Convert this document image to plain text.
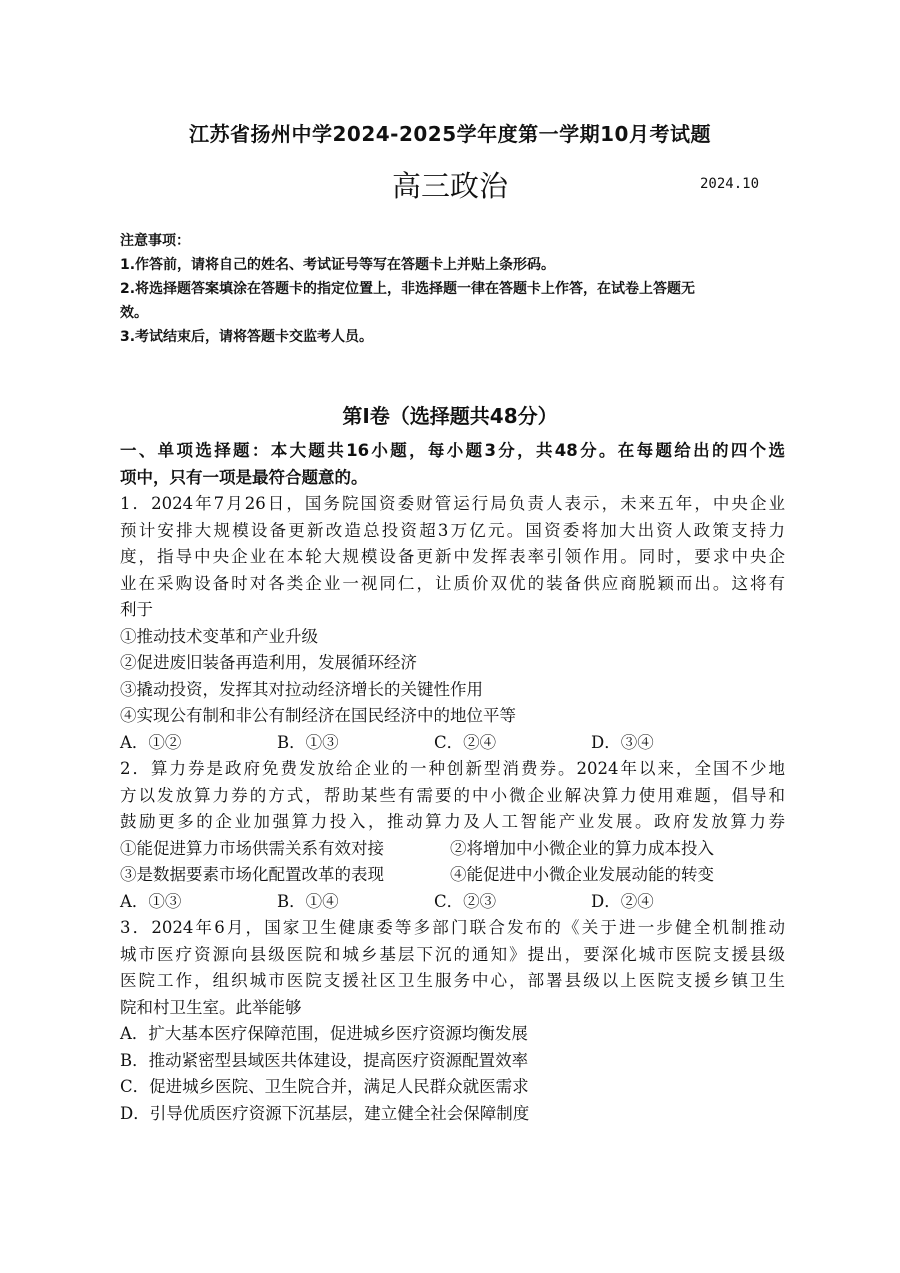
江苏省扬州中学2024-2025学年度第一学期10月考试题
高三政治	2024.10
注意事项：

1.作答前，请将自己的姓名、考试证号等写在答题卡上并贴上条形码。

2.将选择题答案填涂在答题卡的指定位置上，非选择题一律在答题卡上作答，在试卷上答题无

效。

3.考试结束后，请将答题卡交监考人员。

第Ⅰ卷（选择题共48分）

一、单项选择题：本大题共16小题，每小题3分，共48分。在每题给出的四个选

项中，只有一项是最符合题意的。

1．2024年7月26日，国务院国资委财管运行局负责人表示，未来五年，中央企业

预计安排大规模设备更新改造总投资超3万亿元。国资委将加大出资人政策支持力

度，指导中央企业在本轮大规模设备更新中发挥表率引领作用。同时，要求中央企

业在采购设备时对各类企业一视同仁，让质价双优的装备供应商脱颖而出。这将有

利于

①推动技术变革和产业升级

②促进废旧装备再造利用，发展循环经济

③撬动投资，发挥其对拉动经济增长的关键性作用

④实现公有制和非公有制经济在国民经济中的地位平等

A．①②	B．①③	C．②④	D．③④

2．算力券是政府免费发放给企业的一种创新型消费券。2024年以来，全国不少地

方以发放算力券的方式，帮助某些有需要的中小微企业解决算力使用难题，倡导和

鼓励更多的企业加强算力投入，推动算力及人工智能产业发展。政府发放算力券

①能促进算力市场供需关系有效对接	②将增加中小微企业的算力成本投入
③是数据要素市场化配置改革的表现	④能促进中小微企业发展动能的转变
A．①③	B．①④	C．②③	D．②④

3．2024年6月，国家卫生健康委等多部门联合发布的《关于进一步健全机制推动

城市医疗资源向县级医院和城乡基层下沉的通知》提出，要深化城市医院支援县级

医院工作，组织城市医院支援社区卫生服务中心，部署县级以上医院支援乡镇卫生

院和村卫生室。此举能够

A．扩大基本医疗保障范围，促进城乡医疗资源均衡发展

B．推动紧密型县域医共体建设，提高医疗资源配置效率

C．促进城乡医院、卫生院合并，满足人民群众就医需求

D．引导优质医疗资源下沉基层，建立健全社会保障制度
